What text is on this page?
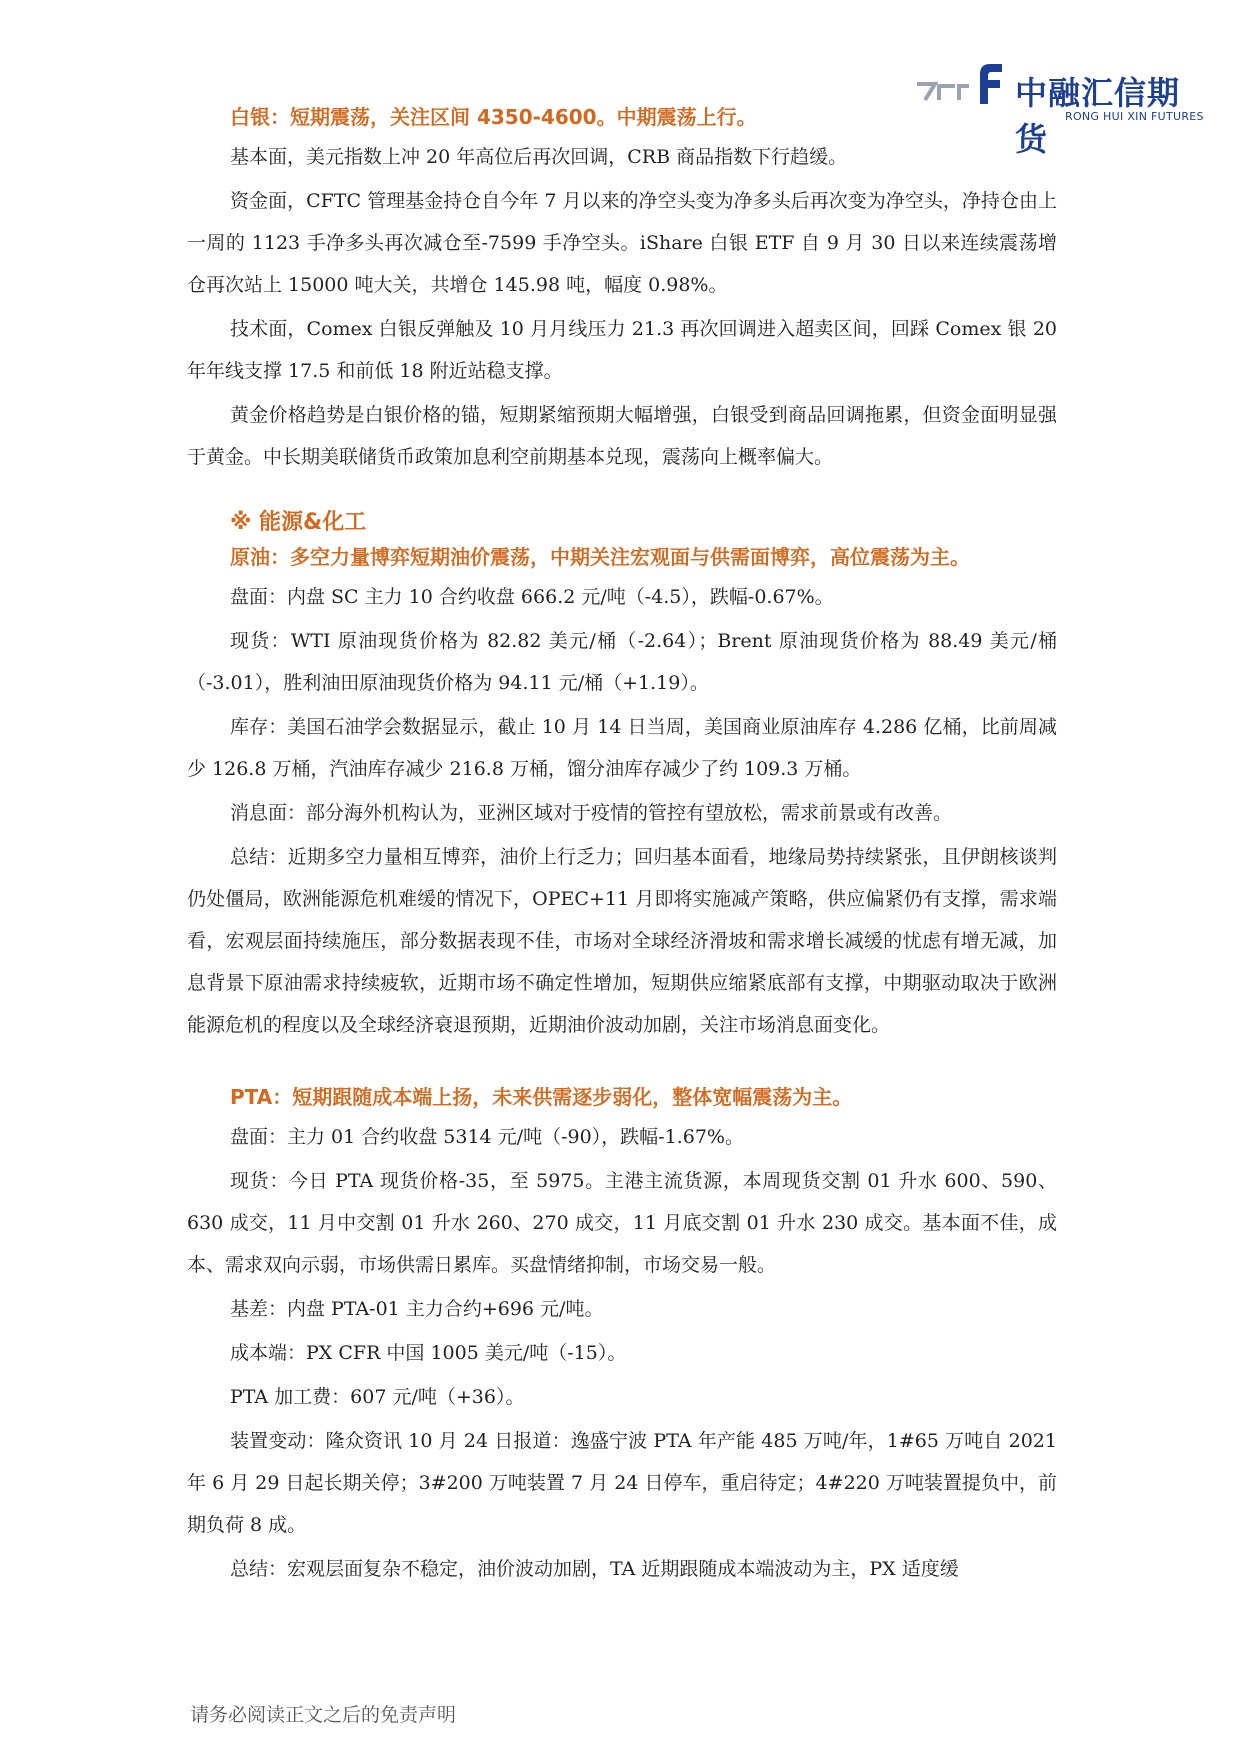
中融汇信期货
RONG HUI XIN FUTURES
白银：短期震荡，关注区间 4350-4600。中期震荡上行。

基本面，美元指数上冲 20 年高位后再次回调，CRB 商品指数下行趋缓。

资金面，CFTC 管理基金持仓自今年 7 月以来的净空头变为净多头后再次变为净空头，净持仓由上一周的 1123 手净多头再次减仓至-7599 手净空头。iShare 白银 ETF 自 9 月 30 日以来连续震荡增仓再次站上 15000 吨大关，共增仓 145.98 吨，幅度 0.98%。

技术面，Comex 白银反弹触及 10 月月线压力 21.3 再次回调进入超卖区间，回踩 Comex 银 20 年年线支撑 17.5 和前低 18 附近站稳支撑。

黄金价格趋势是白银价格的锚，短期紧缩预期大幅增强，白银受到商品回调拖累，但资金面明显强于黄金。中长期美联储货币政策加息利空前期基本兑现，震荡向上概率偏大。

※ 能源&化工
原油：多空力量博弈短期油价震荡，中期关注宏观面与供需面博弈，高位震荡为主。

盘面：内盘 SC 主力 10 合约收盘 666.2 元/吨（-4.5），跌幅-0.67%。

现货：WTI 原油现货价格为 82.82 美元/桶（-2.64）；Brent 原油现货价格为 88.49 美元/桶（-3.01），胜利油田原油现货价格为 94.11 元/桶（+1.19）。

库存：美国石油学会数据显示，截止 10 月 14 日当周，美国商业原油库存 4.286 亿桶，比前周减少 126.8 万桶，汽油库存减少 216.8 万桶，馏分油库存减少了约 109.3 万桶。

消息面：部分海外机构认为，亚洲区域对于疫情的管控有望放松，需求前景或有改善。

总结：近期多空力量相互博弈，油价上行乏力；回归基本面看，地缘局势持续紧张，且伊朗核谈判仍处僵局，欧洲能源危机难缓的情况下，OPEC+11 月即将实施减产策略，供应偏紧仍有支撑，需求端看，宏观层面持续施压，部分数据表现不佳，市场对全球经济滑坡和需求增长减缓的忧虑有增无减，加息背景下原油需求持续疲软，近期市场不确定性增加，短期供应缩紧底部有支撑，中期驱动取决于欧洲能源危机的程度以及全球经济衰退预期，近期油价波动加剧，关注市场消息面变化。

PTA：短期跟随成本端上扬，未来供需逐步弱化，整体宽幅震荡为主。

盘面：主力 01 合约收盘 5314 元/吨（-90），跌幅-1.67%。

现货：今日 PTA 现货价格-35，至 5975。主港主流货源，本周现货交割 01 升水 600、590、630 成交，11 月中交割 01 升水 260、270 成交，11 月底交割 01 升水 230 成交。基本面不佳，成本、需求双向示弱，市场供需日累库。买盘情绪抑制，市场交易一般。

基差：内盘 PTA-01 主力合约+696 元/吨。

成本端：PX CFR 中国 1005 美元/吨（-15）。

PTA 加工费：607 元/吨（+36）。

装置变动：隆众资讯 10 月 24 日报道：逸盛宁波 PTA 年产能 485 万吨/年，1#65 万吨自 2021 年 6 月 29 日起长期关停；3#200 万吨装置 7 月 24 日停车，重启待定；4#220 万吨装置提负中，前期负荷 8 成。

总结：宏观层面复杂不稳定，油价波动加剧，TA 近期跟随成本端波动为主，PX 适度缓

请务必阅读正文之后的免责声明
